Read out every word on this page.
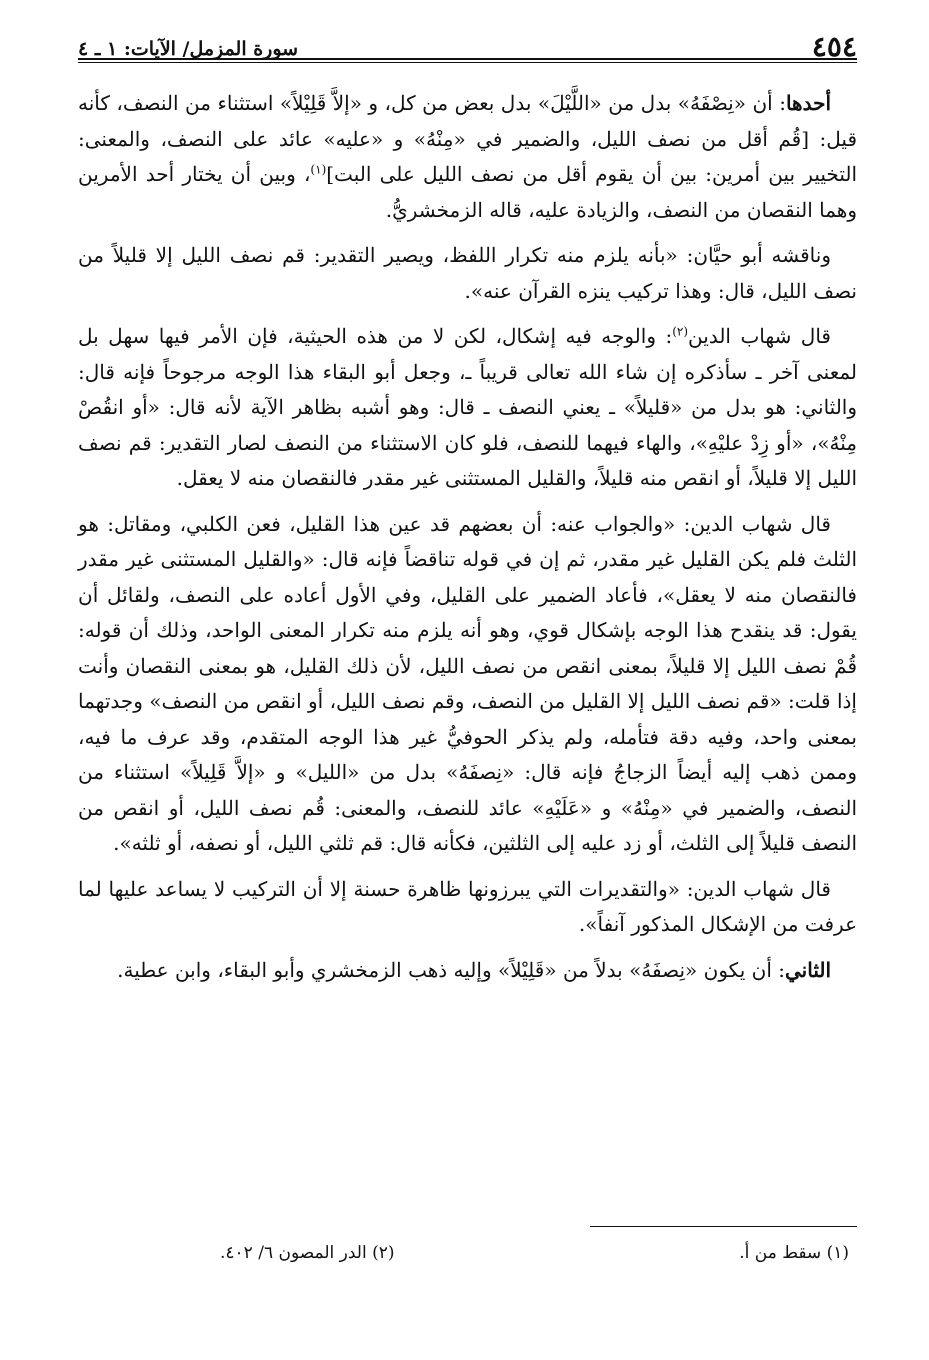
٤٥٤
سورة المزمل/ الآيات: ١ ـ ٤

أحدها: أن «نِصْفَهُ» بدل من «اللَّيْلَ» بدل بعض من كل، و «إلاَّ قَلِيْلاً» استثناء من النصف، كأنه قيل: [قُم أقل من نصف الليل، والضمير في «مِنْهُ» و «عليه» عائد على النصف، والمعنى: التخيير بين أمرين: بين أن يقوم أقل من نصف الليل على البت]$^{(١)}$، وبين أن يختار أحد الأمرين وهما النقصان من النصف، والزيادة عليه، قاله الزمخشريُّ.

وناقشه أبو حيَّان: «بأنه يلزم منه تكرار اللفظ، ويصير التقدير: قم نصف الليل إلا قليلاً من نصف الليل، قال: وهذا تركيب ينزه القرآن عنه».

قال شهاب الدين$^{(٢)}$: والوجه فيه إشكال، لكن لا من هذه الحيثية، فإن الأمر فيها سهل بل لمعنى آخر ـ سأذكره إن شاء الله تعالى قريباً ـ، وجعل أبو البقاء هذا الوجه مرجوحاً فإنه قال: والثاني: هو بدل من «قليلاً» ـ يعني النصف ـ قال: وهو أشبه بظاهر الآية لأنه قال: «أو انقُصْ مِنْهُ»، «أو زِدْ عليْهِ»، والهاء فيهما للنصف، فلو كان الاستثناء من النصف لصار التقدير: قم نصف الليل إلا قليلاً، أو انقص منه قليلاً، والقليل المستثنى غير مقدر فالنقصان منه لا يعقل.

قال شهاب الدين: «والجواب عنه: أن بعضهم قد عين هذا القليل، فعن الكلبي، ومقاتل: هو الثلث فلم يكن القليل غير مقدر، ثم إن في قوله تناقضاً فإنه قال: «والقليل المستثنى غير مقدر فالنقصان منه لا يعقل»، فأعاد الضمير على القليل، وفي الأول أعاده على النصف، ولقائل أن يقول: قد ينقدح هذا الوجه بإشكال قوي، وهو أنه يلزم منه تكرار المعنى الواحد، وذلك أن قوله: قُمْ نصف الليل إلا قليلاً، بمعنى انقص من نصف الليل، لأن ذلك القليل، هو بمعنى النقصان وأنت إذا قلت: «قم نصف الليل إلا القليل من النصف، وقم نصف الليل، أو انقص من النصف» وجدتهما بمعنى واحد، وفيه دقة فتأمله، ولم يذكر الحوفيُّ غير هذا الوجه المتقدم، وقد عرف ما فيه، وممن ذهب إليه أيضاً الزجاجُ فإنه قال: «نِصفَهُ» بدل من «الليل» و «إلاَّ قَلِيلاً» استثناء من النصف، والضمير في «مِنْهُ» و «عَلَيْهِ» عائد للنصف، والمعنى: قُم نصف الليل، أو انقص من النصف قليلاً إلى الثلث، أو زد عليه إلى الثلثين، فكأنه قال: قم ثلثي الليل، أو نصفه، أو ثلثه».

قال شهاب الدين: «والتقديرات التي يبرزونها ظاهرة حسنة إلا أن التركيب لا يساعد عليها لما عرفت من الإشكال المذكور آنفاً».

الثاني: أن يكون «نِصفَهُ» بدلاً من «قَلِيْلاً» وإليه ذهب الزمخشري وأبو البقاء، وابن عطية.

(١) سقط من أ.
(٢) الدر المصون ٦/ ٤٠٢.
